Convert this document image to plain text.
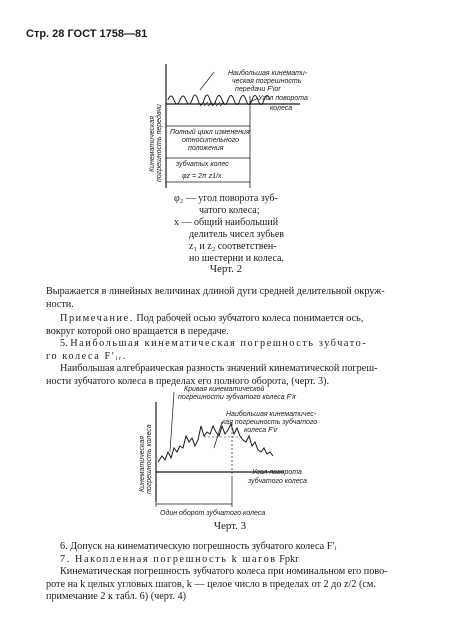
Стр. 28 ГОСТ 1758—81
Наибольшая кинемати-
ческая погрешность
передачи F'ior
Угол поворота
колеса
Полный цикл изменения
относительного
положения
зубчатых колес
φz = 2π z1/x
Кинематическая погрешность передачи
φ₂ — угол поворота зуб-
чатого колеса;
x — общий наибольший
делитель чисел зубьев
z₁ и z₂ соответствен-
но шестерни и колеса.
Черт. 2
Выражается в линейных величинах длиной дуги средней делительной окруж-
ности.
Примечание. Под рабочей осью зубчатого колеса понимается ось,
вокруг которой оно вращается в передаче.
5. Наибольшая кинематическая погрешность зубчато-
го колеса F′ᵢᵣ.
Наибольшая алгебраическая разность значений кинематической погреш-
ности зубчатого колеса в пределах его полного оборота, (черт. 3).
Кривая кинематической
погрешности зубчатого колеса F'ir
Наибольшая кинематичес-
кая погрешность зубчатого
колеса F'ir
Угол поворота
зубчатого колеса
Один оборот зубчатого колеса
Кинематическая погрешность колеса
Черт. 3
6. Допуск на кинематическую погрешность зубчатого колеса F′ᵢ
7. Накопленная погрешность k шагов Fpkr
Кинематическая погрешность зубчатого колеса при номинальном его пово-
роте на k целых угловых шагов, k — целое число в пределах от 2 до z/2 (см.
примечание 2 к табл. 6) (черт. 4)
